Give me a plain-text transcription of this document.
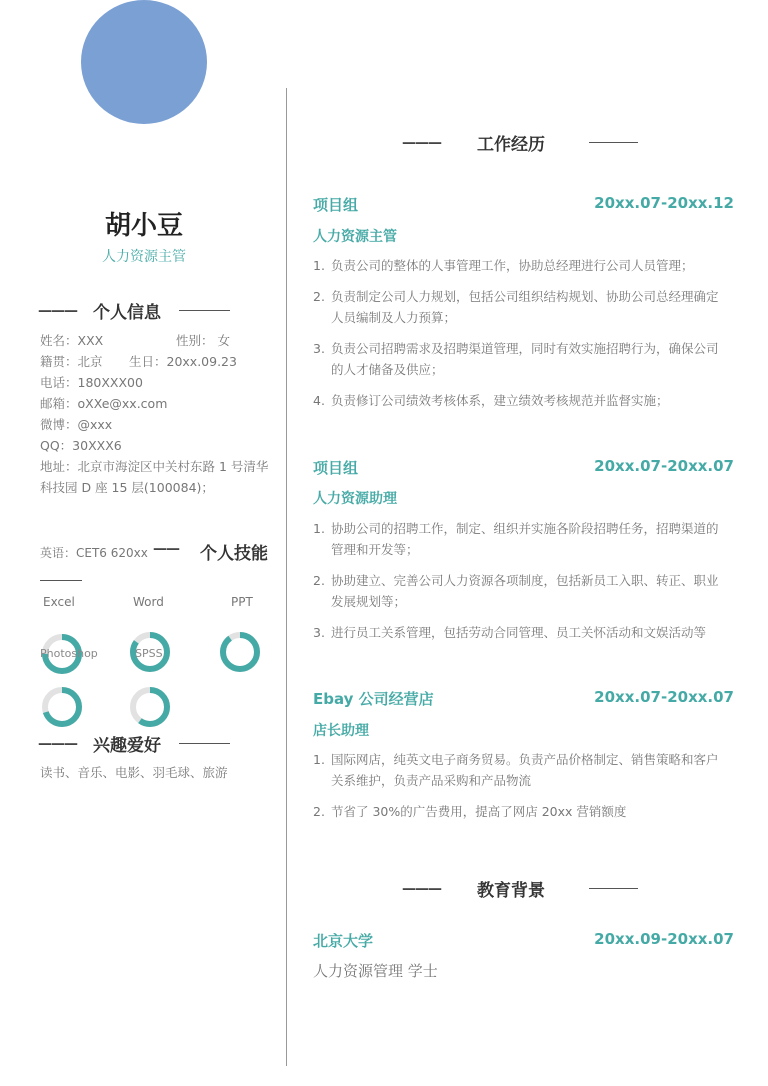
胡小豆
人力资源主管
——— 个人信息
姓名：XXX	性别： 女
籍贯：北京 生日：20xx.09.23
电话：180XXX00
邮箱：oXXe@xx.com
微博：@xxx
QQ：30XXX6
地址：北京市海淀区中关村东路 1 号清华科技园 D 座 15 层(100084)；
英语：CET6 620xx —— 个人技能
Excel	Word	PPT
Photoshop	SPSS
——— 兴趣爱好
读书、音乐、电影、羽毛球、旅游
——— 工作经历
项目组	20xx.07-20xx.12
人力资源主管
1. 负责公司的整体的人事管理工作，协助总经理进行公司人员管理；
2. 负责制定公司人力规划，包括公司组织结构规划、协助公司总经理确定人员编制及人力预算；
3. 负责公司招聘需求及招聘渠道管理，同时有效实施招聘行为，确保公司的人才储备及供应；
4. 负责修订公司绩效考核体系，建立绩效考核规范并监督实施；
项目组	20xx.07-20xx.07
人力资源助理
1. 协助公司的招聘工作，制定、组织并实施各阶段招聘任务，招聘渠道的管理和开发等；
2. 协助建立、完善公司人力资源各项制度，包括新员工入职、转正、职业发展规划等；
3. 进行员工关系管理，包括劳动合同管理、员工关怀活动和文娱活动等
Ebay 公司经营店	20xx.07-20xx.07
店长助理
1. 国际网店，纯英文电子商务贸易。负责产品价格制定、销售策略和客户关系维护，负责产品采购和产品物流
2. 节省了 30%的广告费用，提高了网店 20xx 营销额度
——— 教育背景
北京大学	20xx.09-20xx.07
人力资源管理 学士
